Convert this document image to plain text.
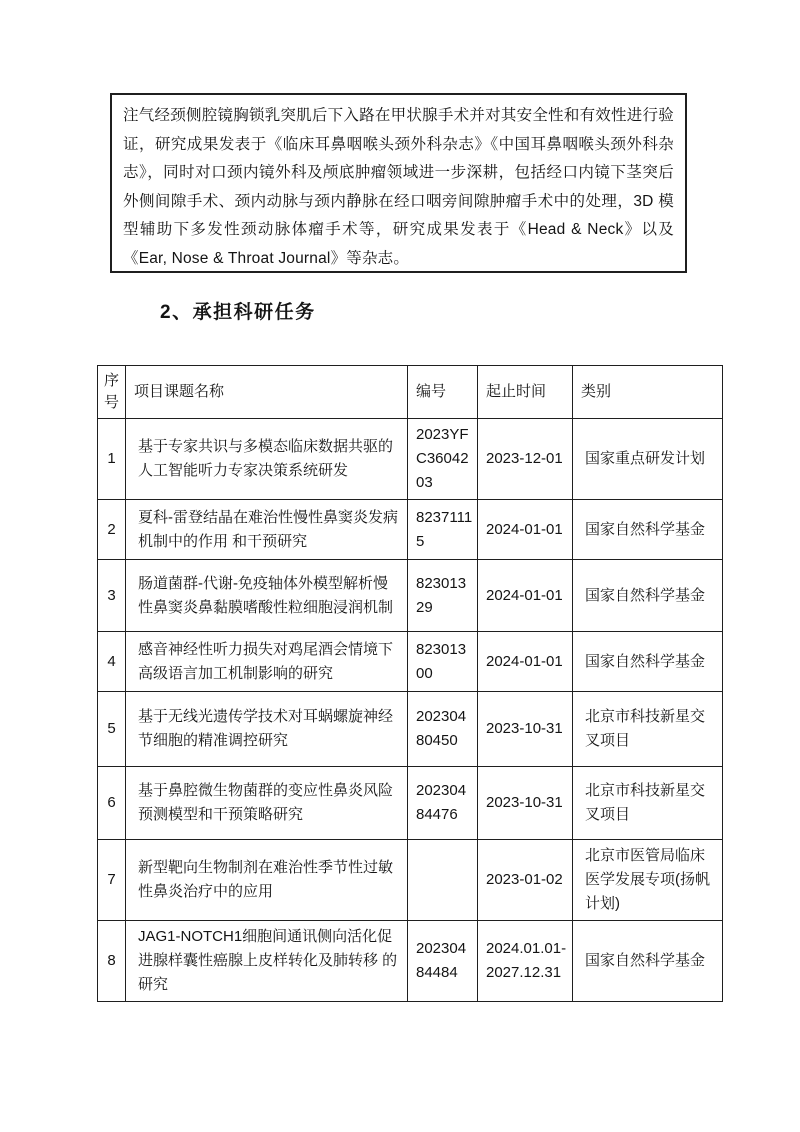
注气经颈侧腔镜胸锁乳突肌后下入路在甲状腺手术并对其安全性和有效性进行验证，研究成果发表于《临床耳鼻咽喉头颈外科杂志》《中国耳鼻咽喉头颈外科杂志》，同时对口颈内镜外科及颅底肿瘤领域进一步深耕，包括经口内镜下茎突后外侧间隙手术、颈内动脉与颈内静脉在经口咽旁间隙肿瘤手术中的处理，3D 模型辅助下多发性颈动脉体瘤手术等，研究成果发表于《Head & Neck》以及《Ear, Nose & Throat Journal》等杂志。

2、承担科研任务
序号	项目课题名称	编号	起止时间	类别
1	基于专家共识与多模态临床数据共驱的人工智能听力专家决策系统研发	2023YFC3604203	2023-12-01	国家重点研发计划
2	夏科-雷登结晶在难治性慢性鼻窦炎发病机制中的作用 和干预研究	82371115	2024-01-01	国家自然科学基金
3	肠道菌群-代谢-免疫轴体外模型解析慢性鼻窦炎鼻黏膜嗜酸性粒细胞浸润机制	82301329	2024-01-01	国家自然科学基金
4	感音神经性听力损失对鸡尾酒会情境下高级语言加工机制影响的研究	82301300	2024-01-01	国家自然科学基金
5	基于无线光遗传学技术对耳蜗螺旋神经节细胞的精准调控研究	20230480450	2023-10-31	北京市科技新星交叉项目
6	基于鼻腔微生物菌群的变应性鼻炎风险预测模型和干预策略研究	20230484476	2023-10-31	北京市科技新星交叉项目
7	新型靶向生物制剂在难治性季节性过敏性鼻炎治疗中的应用		2023-01-02	北京市医管局临床医学发展专项(扬帆计划)
8	JAG1-NOTCH1细胞间通讯侧向活化促进腺样囊性癌腺上皮样转化及肺转移 的研究	20230484484	2024.01.01-2027.12.31	国家自然科学基金
